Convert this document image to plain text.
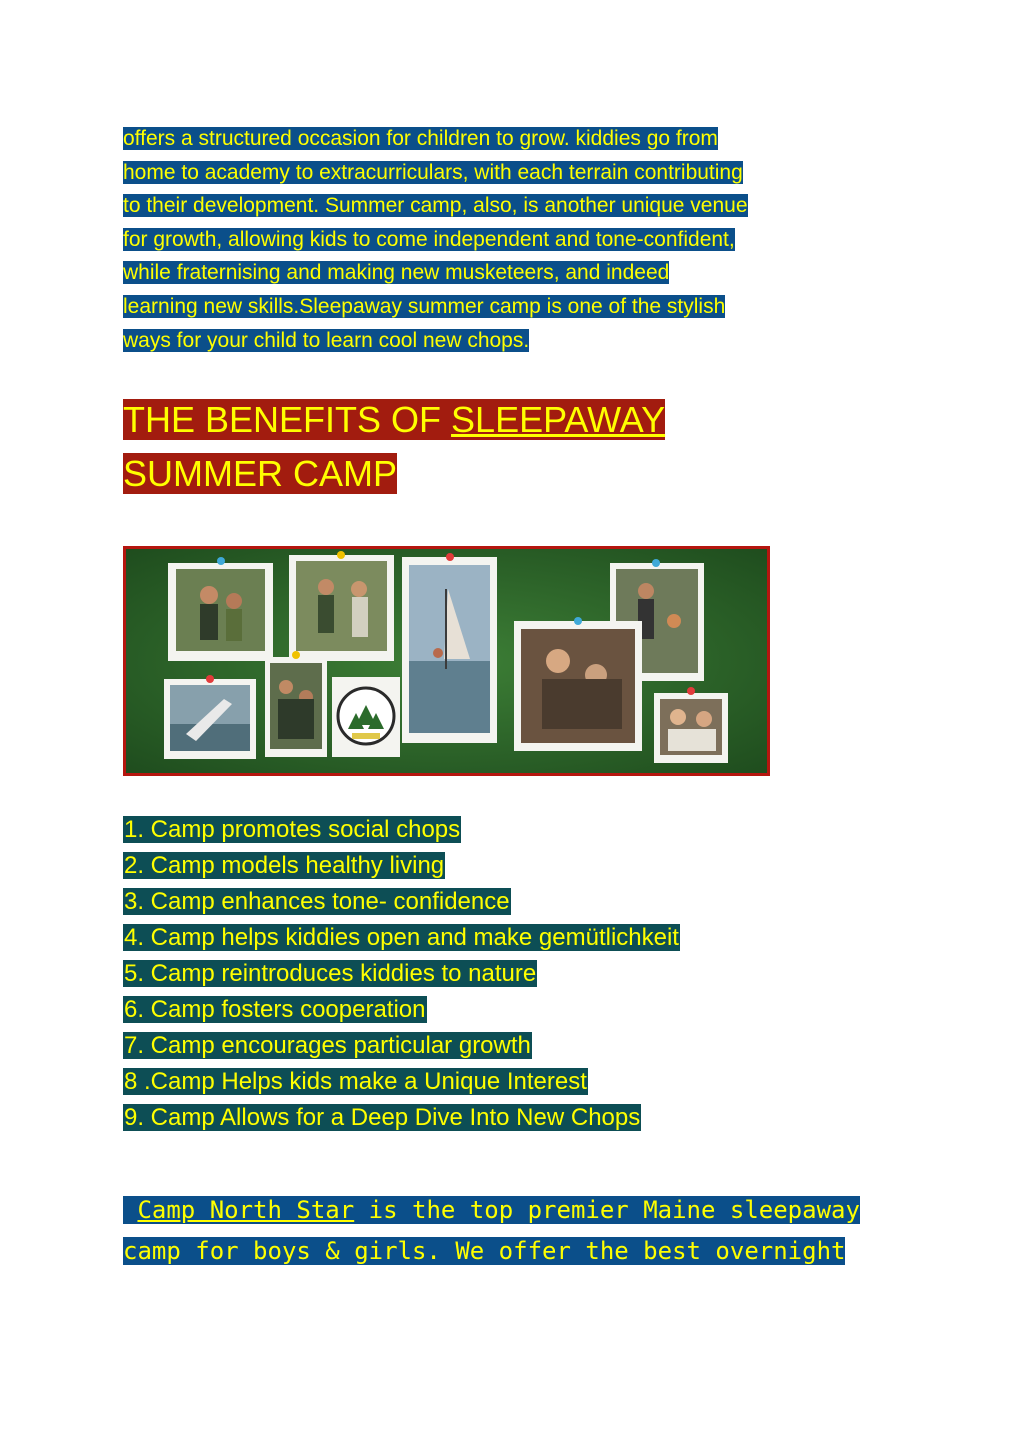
offers a structured occasion for children to grow. kiddies go from
home to academy to extracurriculars, with each terrain contributing
to their development. Summer camp, also, is another unique venue
for growth, allowing kids to come independent and tone-confident,
while fraternising and making new musketeers, and indeed
learning new skills.Sleepaway summer camp is one of the stylish
ways for your child to learn cool new chops.
THE BENEFITS OF SLEEPAWAY
SUMMER CAMP
1. Camp promotes social chops
2. Camp models healthy living
3. Camp enhances tone- confidence
4. Camp helps kiddies open and make gemütlichkeit
5. Camp reintroduces kiddies to nature
6. Camp fosters cooperation
7. Camp encourages particular growth
8 .Camp Helps kids make a Unique Interest
9. Camp Allows for a Deep Dive Into New Chops
Camp North Star is the top premier Maine sleepaway
camp for boys & girls. We offer the best overnight
